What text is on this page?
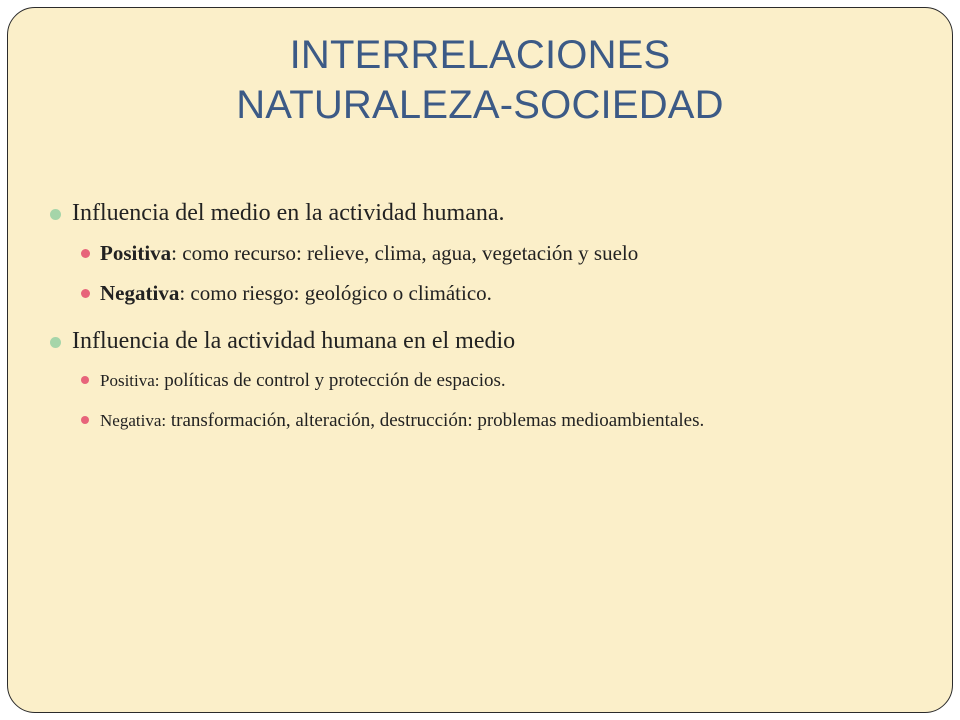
INTERRELACIONES
NATURALEZA-SOCIEDAD
Influencia del medio en la actividad humana.
Positiva: como recurso: relieve, clima, agua, vegetación y suelo
Negativa: como riesgo: geológico o climático.
Influencia de la actividad humana en el medio
Positiva: políticas de control y protección de espacios.
Negativa: transformación, alteración, destrucción: problemas medioambientales.
